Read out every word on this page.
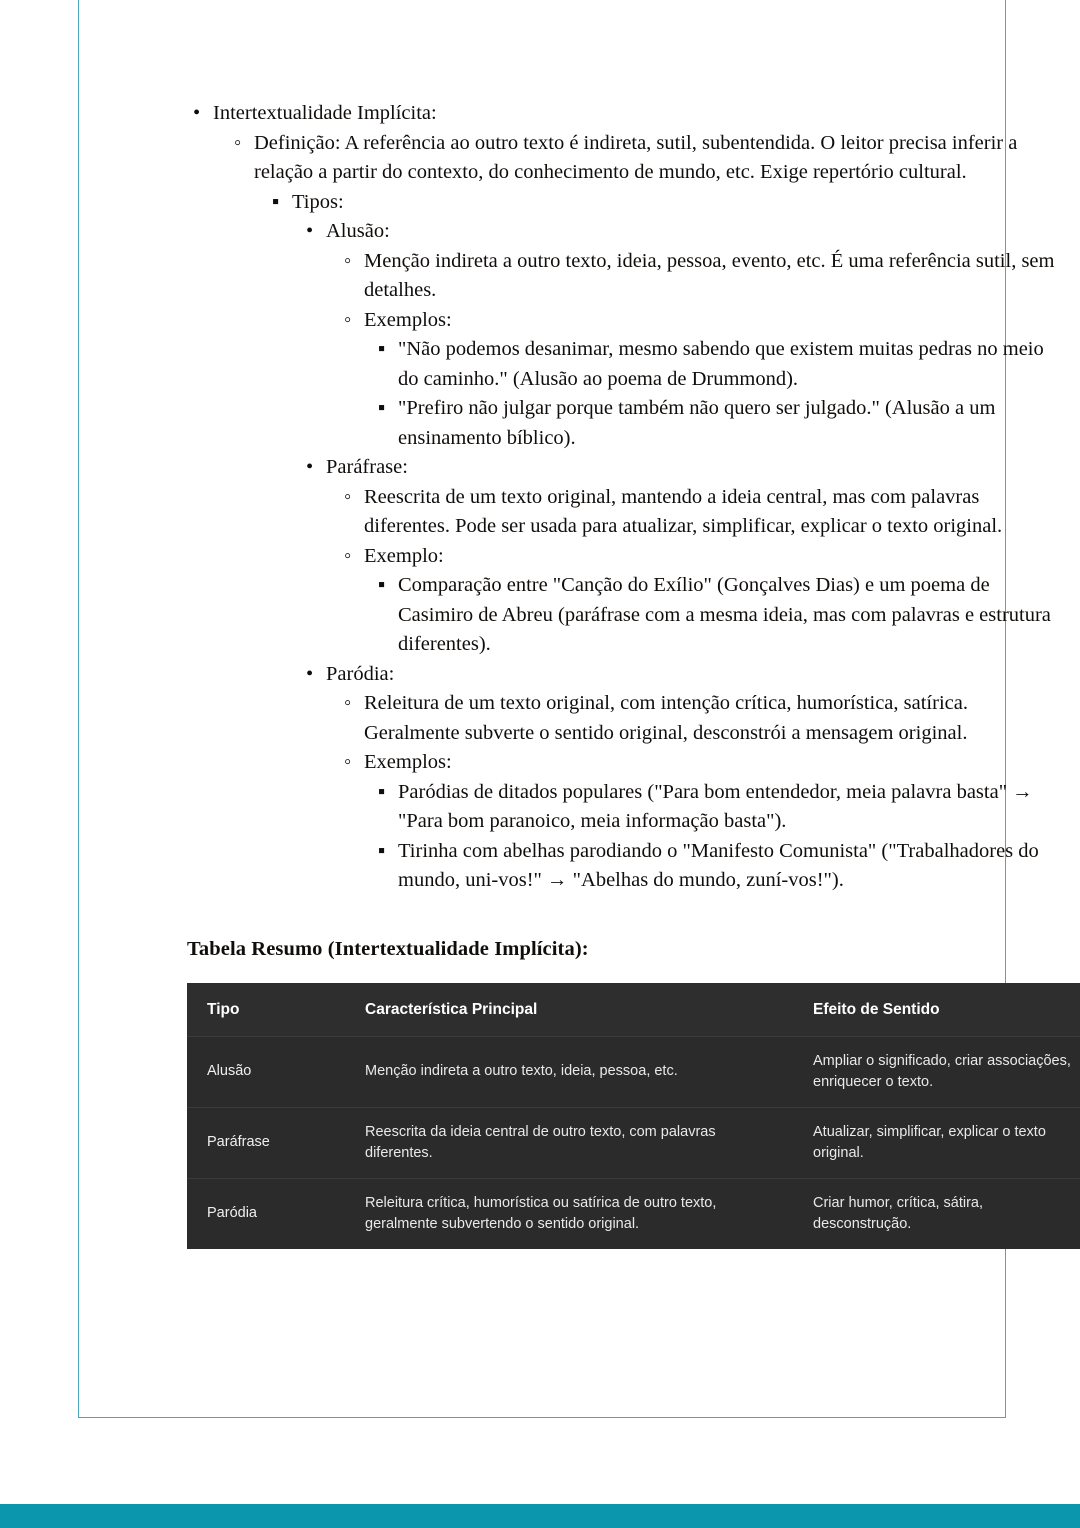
• Intertextualidade Implícita:
◦ Definição: A referência ao outro texto é indireta, sutil, subentendida. O leitor precisa inferir a relação a partir do contexto, do conhecimento de mundo, etc. Exige repertório cultural.
▪ Tipos:
• Alusão:
◦ Menção indireta a outro texto, ideia, pessoa, evento, etc. É uma referência sutil, sem detalhes.
◦ Exemplos:
▪ "Não podemos desanimar, mesmo sabendo que existem muitas pedras no meio do caminho." (Alusão ao poema de Drummond).
▪ "Prefiro não julgar porque também não quero ser julgado." (Alusão a um ensinamento bíblico).
• Paráfrase:
◦ Reescrita de um texto original, mantendo a ideia central, mas com palavras diferentes. Pode ser usada para atualizar, simplificar, explicar o texto original.
◦ Exemplo:
▪ Comparação entre "Canção do Exílio" (Gonçalves Dias) e um poema de Casimiro de Abreu (paráfrase com a mesma ideia, mas com palavras e estrutura diferentes).
• Paródia:
◦ Releitura de um texto original, com intenção crítica, humorística, satírica. Geralmente subverte o sentido original, desconstrói a mensagem original.
◦ Exemplos:
▪ Paródias de ditados populares ("Para bom entendedor, meia palavra basta" → "Para bom paranoico, meia informação basta").
▪ Tirinha com abelhas parodiando o "Manifesto Comunista" ("Trabalhadores do mundo, uni-vos!" → "Abelhas do mundo, zuní-vos!").
Tabela Resumo (Intertextualidade Implícita):
Tipo	Característica Principal	Efeito de Sentido
Alusão	Menção indireta a outro texto, ideia, pessoa, etc.	Ampliar o significado, criar associações, enriquecer o texto.
Paráfrase	Reescrita da ideia central de outro texto, com palavras diferentes.	Atualizar, simplificar, explicar o texto original.
Paródia	Releitura crítica, humorística ou satírica de outro texto, geralmente subvertendo o sentido original.	Criar humor, crítica, sátira, desconstrução.
